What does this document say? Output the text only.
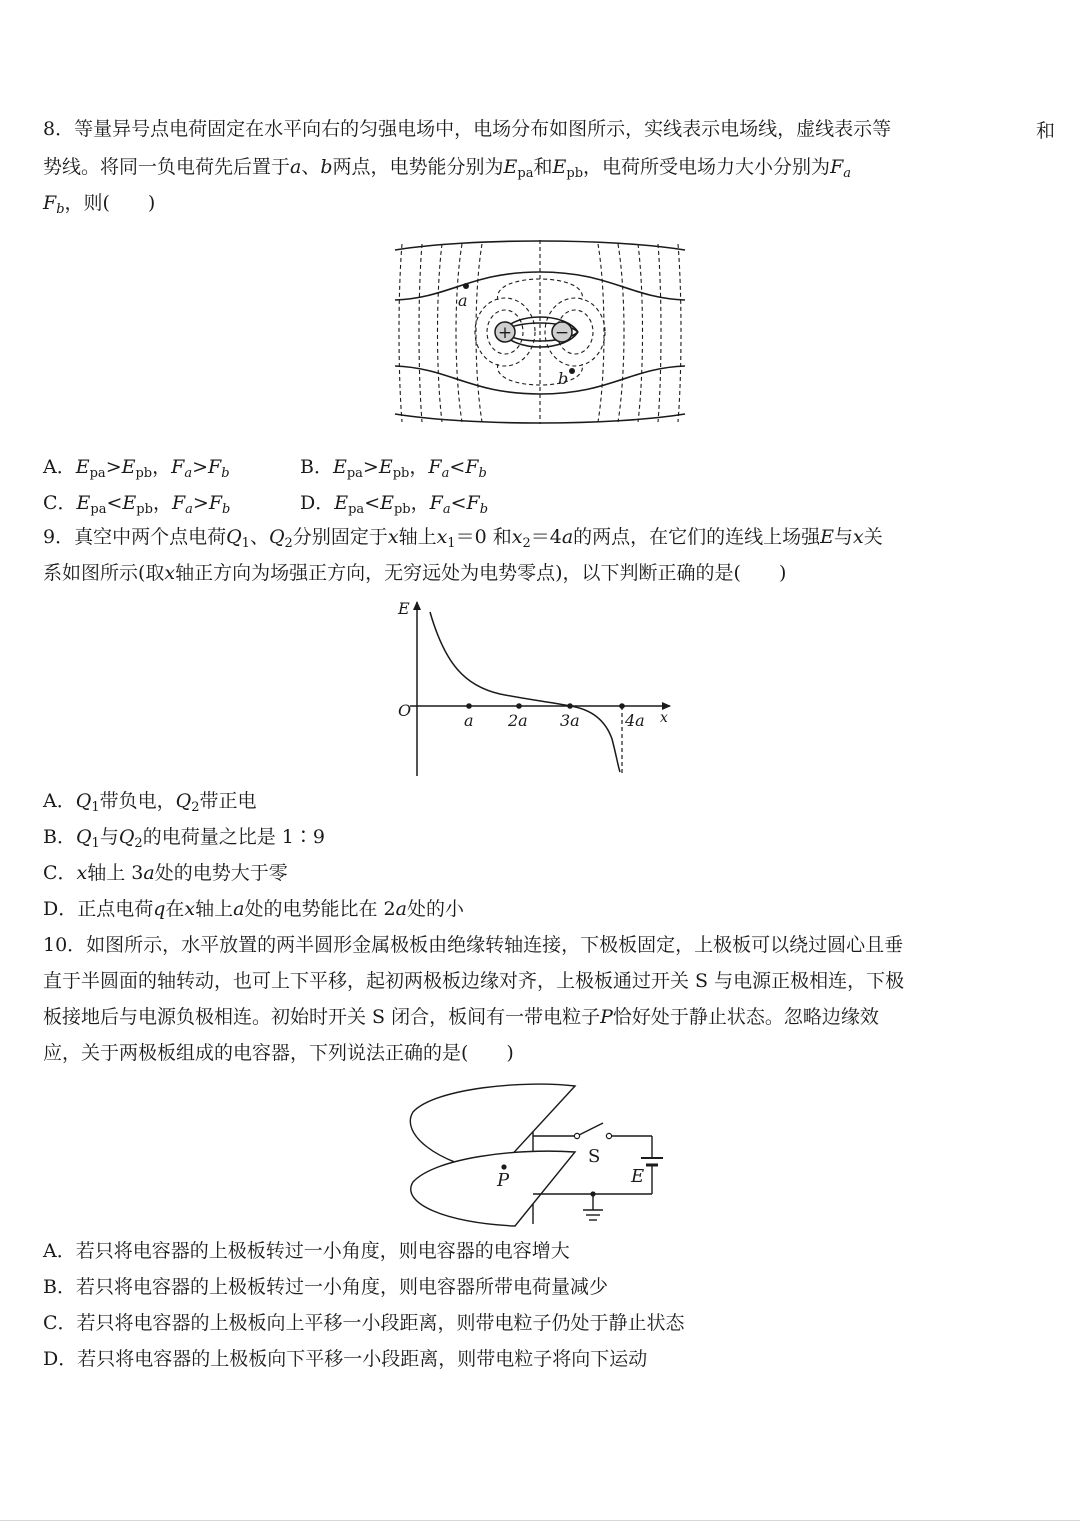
8．等量异号点电荷固定在水平向右的匀强电场中，电场分布如图所示，实线表示电场线，虚线表示等	和
势线。将同一负电荷先后置于a、b两点，电势能分别为$E_{pa}$和$E_{pb}$，电荷所受电场力大小分别为$F_a$
$F_b$，则(　　)
+	−
a
b
A．$E_{pa}>E_{pb}$，$F_a>F_b$	B．$E_{pa}>E_{pb}$，$F_a<F_b$
C．$E_{pa}<E_{pb}$，$F_a>F_b$	D．$E_{pa}<E_{pb}$，$F_a<F_b$
9．真空中两个点电荷$Q_1$、$Q_2$分别固定于x轴上$x_1=0$ 和$x_2=4a$的两点，在它们的连线上场强E与x关
系如图所示(取x轴正方向为场强正方向，无穷远处为电势零点)，以下判断正确的是(　　)
E
x
O
a 2a 3a	4a
A．$Q_1$带负电，$Q_2$带正电
B．$Q_1$与$Q_2$的电荷量之比是 1∶9
C．x轴上 3a处的电势大于零
D．正点电荷q在x轴上a处的电势能比在 2a处的小
10．如图所示，水平放置的两半圆形金属极板由绝缘转轴连接，下极板固定，上极板可以绕过圆心且垂
直于半圆面的轴转动，也可上下平移，起初两极板边缘对齐，上极板通过开关 S 与电源正极相连，下极
板接地后与电源负极相连。初始时开关 S 闭合，板间有一带电粒子P恰好处于静止状态。忽略边缘效
应，关于两极板组成的电容器，下列说法正确的是(　　)
S
E
P
A．若只将电容器的上极板转过一小角度，则电容器的电容增大
B．若只将电容器的上极板转过一小角度，则电容器所带电荷量减少
C．若只将电容器的上极板向上平移一小段距离，则带电粒子仍处于静止状态
D．若只将电容器的上极板向下平移一小段距离，则带电粒子将向下运动
